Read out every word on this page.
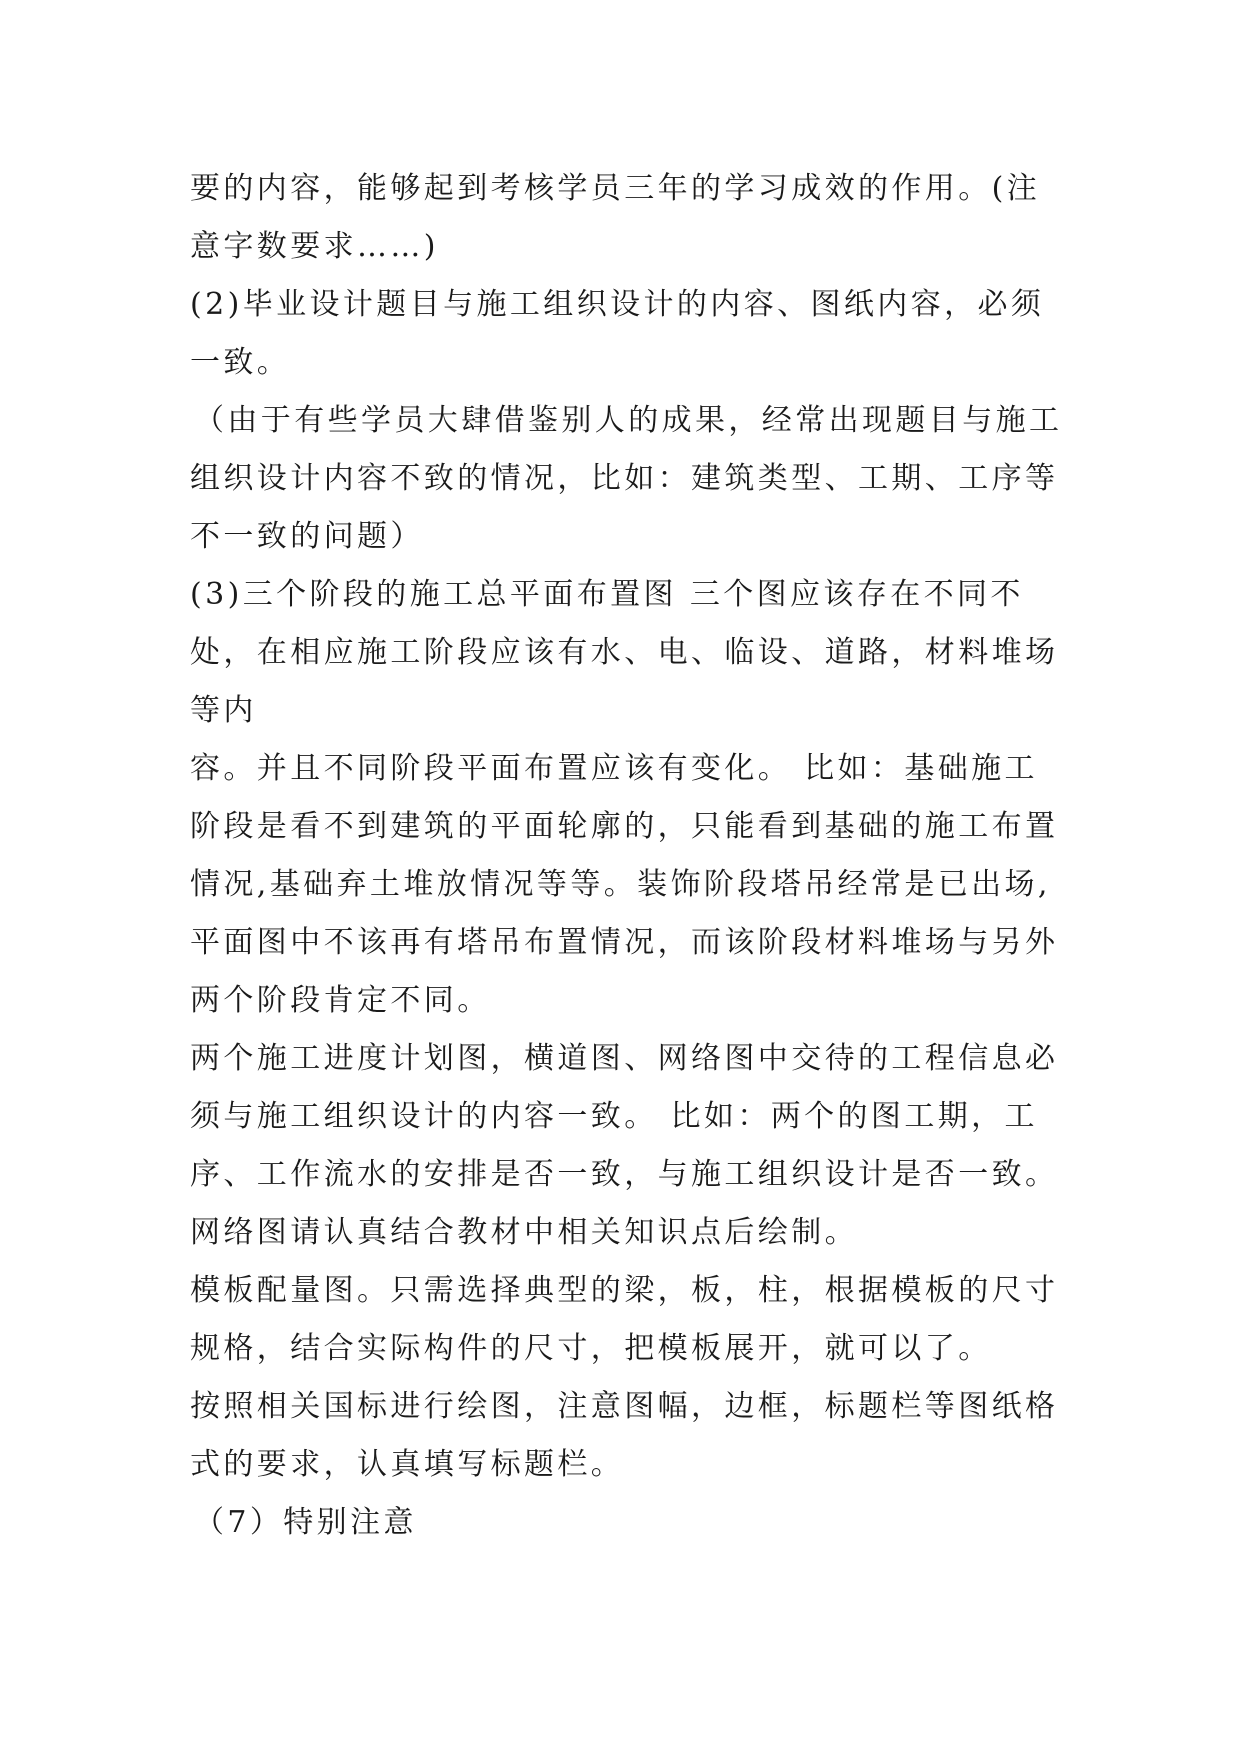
要的内容，能够起到考核学员三年的学习成效的作用。(注
意字数要求……)
(2)毕业设计题目与施工组织设计的内容、图纸内容，必须
一致。
（由于有些学员大肆借鉴别人的成果，经常出现题目与施工
组织设计内容不致的情况，比如：建筑类型、工期、工序等
不一致的问题）
(3)三个阶段的施工总平面布置图 三个图应该存在不同不
处，在相应施工阶段应该有水、电、临设、道路，材料堆场
等内
容。并且不同阶段平面布置应该有变化。 比如：基础施工
阶段是看不到建筑的平面轮廓的，只能看到基础的施工布置
情况,基础弃土堆放情况等等。装饰阶段塔吊经常是已出场,
平面图中不该再有塔吊布置情况，而该阶段材料堆场与另外
两个阶段肯定不同。
两个施工进度计划图，横道图、网络图中交待的工程信息必
须与施工组织设计的内容一致。 比如：两个的图工期，工
序、工作流水的安排是否一致，与施工组织设计是否一致。
网络图请认真结合教材中相关知识点后绘制。
模板配量图。只需选择典型的梁，板，柱，根据模板的尺寸
规格，结合实际构件的尺寸，把模板展开，就可以了。
按照相关国标进行绘图，注意图幅，边框，标题栏等图纸格
式的要求，认真填写标题栏。
（7）特别注意
